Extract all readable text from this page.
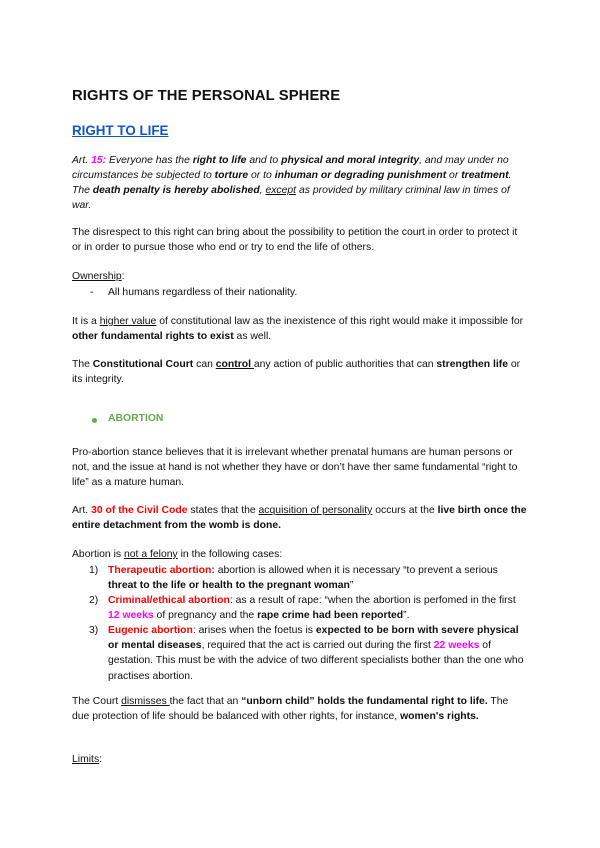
RIGHTS OF THE PERSONAL SPHERE
RIGHT TO LIFE

Art. 15: Everyone has the right to life and to physical and moral integrity, and may under no circumstances be subjected to torture or to inhuman or degrading punishment or treatment. The death penalty is hereby abolished, except as provided by military criminal law in times of war.

The disrespect to this right can bring about the possibility to petition the court in order to protect it or in order to pursue those who end or try to end the life of others.

Ownership:

- All humans regardless of their nationality.

It is a higher value of constitutional law as the inexistence of this right would make it impossible for other fundamental rights to exist as well.

The Constitutional Court can control any action of public authorities that can strengthen life or its integrity.

ABORTION

Pro-abortion stance believes that it is irrelevant whether prenatal humans are human persons or not, and the issue at hand is not whether they have or don’t have ther same fundamental “right to life” as a mature human.

Art. 30 of the Civil Code states that the acquisition of personality occurs at the live birth once the entire detachment from the womb is done.

Abortion is not a felony in the following cases:

1) Therapeutic abortion: abortion is allowed when it is necessary “to prevent a serious threat to the life or health to the pregnant woman”
2) Criminal/ethical abortion: as a result of rape: “when the abortion is perfomed in the first 12 weeks of pregnancy and the rape crime had been reported”.
3) Eugenic abortion: arises when the foetus is expected to be born with severe physical or mental diseases, required that the act is carried out during the first 22 weeks of gestation. This must be with the advice of two different specialists bother than the one who practises abortion.

The Court dismisses the fact that an “unborn child” holds the fundamental right to life. The due protection of life should be balanced with other rights, for instance, women's rights.

Limits:
